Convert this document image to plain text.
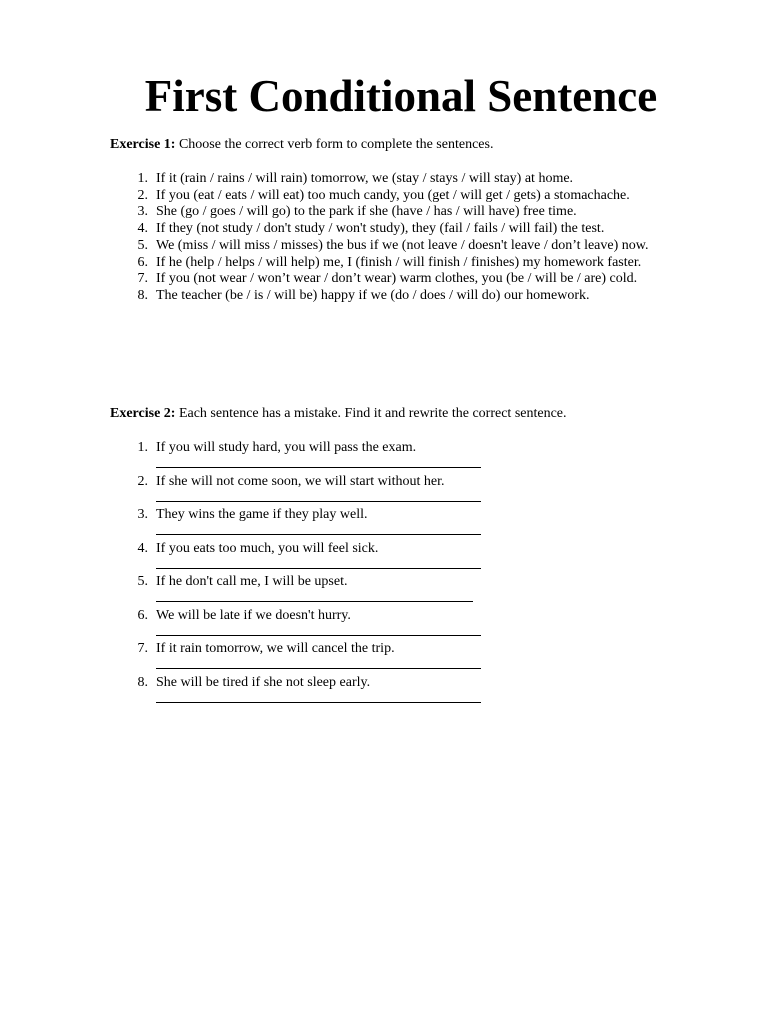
First Conditional Sentence
Exercise 1: Choose the correct verb form to complete the sentences.
1. If it (rain / rains / will rain) tomorrow, we (stay / stays / will stay) at home.
2. If you (eat / eats / will eat) too much candy, you (get / will get / gets) a stomachache.
3. She (go / goes / will go) to the park if she (have / has / will have) free time.
4. If they (not study / don't study / won't study), they (fail / fails / will fail) the test.
5. We (miss / will miss / misses) the bus if we (not leave / doesn't leave / don’t leave) now.
6. If he (help / helps / will help) me, I (finish / will finish / finishes) my homework faster.
7. If you (not wear / won’t wear / don’t wear) warm clothes, you (be / will be / are) cold.
8. The teacher (be / is / will be) happy if we (do / does / will do) our homework.
Exercise 2: Each sentence has a mistake. Find it and rewrite the correct sentence.
1. If you will study hard, you will pass the exam.
2. If she will not come soon, we will start without her.
3. They wins the game if they play well.
4. If you eats too much, you will feel sick.
5. If he don't call me, I will be upset.
6. We will be late if we doesn't hurry.
7. If it rain tomorrow, we will cancel the trip.
8. She will be tired if she not sleep early.
